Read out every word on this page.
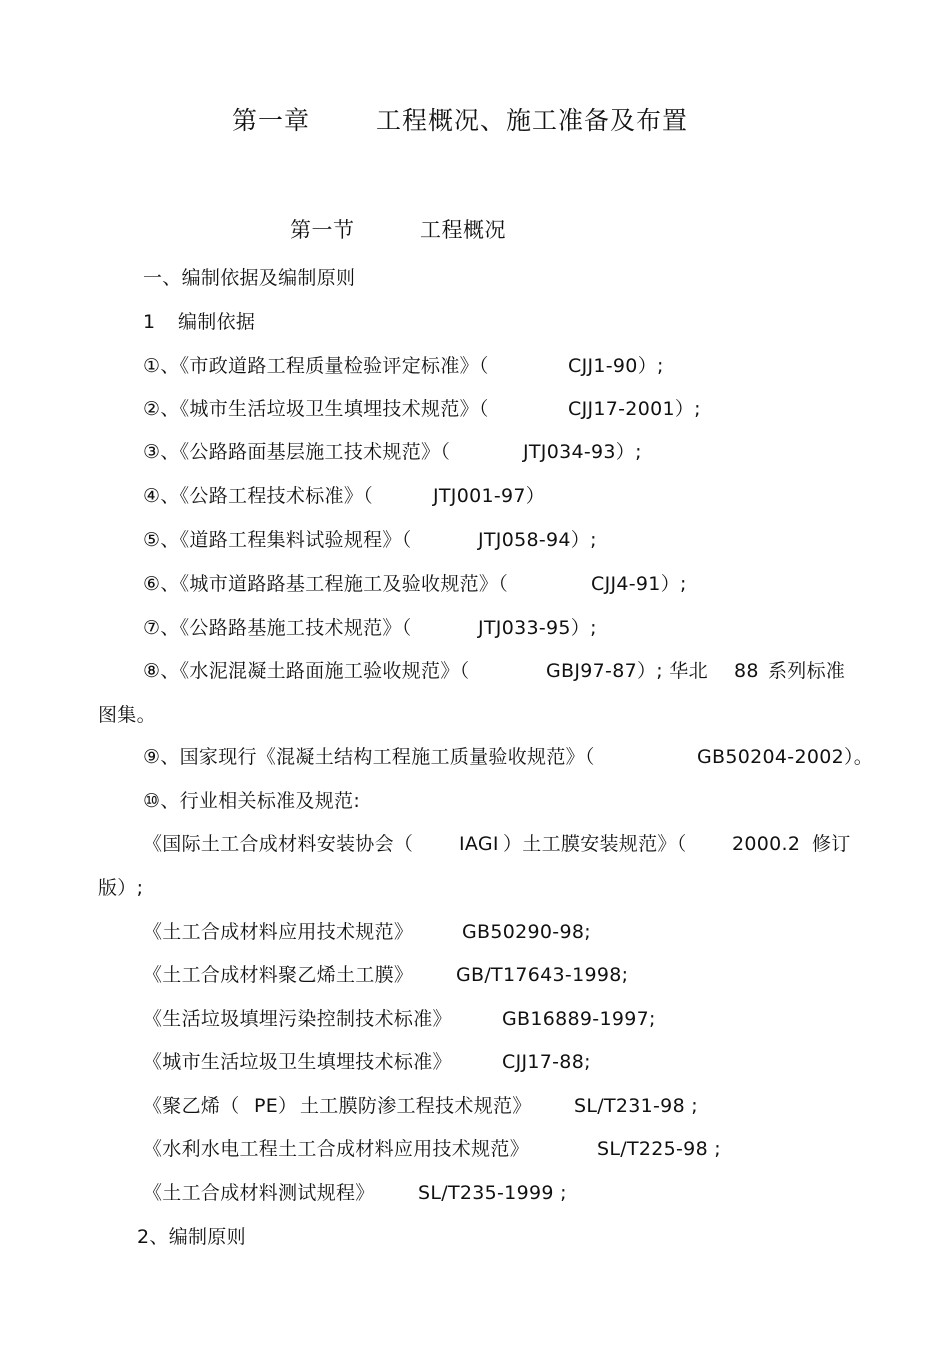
第一章	工程概况、施工准备及布置
第一节	工程概况
一、编制依据及编制原则
1 编制依据
①、《市政道路工程质量检验评定标准》（	CJJ1-90）;
②、《城市生活垃圾卫生填埋技术规范》（	CJJ17-2001）;
③、《公路路面基层施工技术规范》（	JTJ034-93）;
④、《公路工程技术标准》（	JTJ001-97）
⑤、《道路工程集料试验规程》（	JTJ058-94）;
⑥、《城市道路路基工程施工及验收规范》（	CJJ4-91）;
⑦、《公路路基施工技术规范》（	JTJ033-95）;
⑧、《水泥混凝土路面施工验收规范》（	GBJ97-87）; 华北 88 系列标准
图集。
⑨、国家现行《混凝土结构工程施工质量验收规范》（	GB50204-2002）。
⑩、行业相关标准及规范:
《国际土工合成材料安装协会（ IAGI ）土工膜安装规范》（ 2000.2 修订
版）;
《土工合成材料应用技术规范》	GB50290-98;
《土工合成材料聚乙烯土工膜》 GB/T17643-1998;
《生活垃圾填埋污染控制技术标准》	GB16889-1997;
《城市生活垃圾卫生填埋技术标准》	CJJ17-88;
《聚乙烯（ PE） 土工膜防渗工程技术规范》 SL/T231-98 ;
《水利水电工程土工合成材料应用技术规范》	SL/T225-98 ;
《土工合成材料测试规程》 SL/T235-1999 ;
2、编制原则
